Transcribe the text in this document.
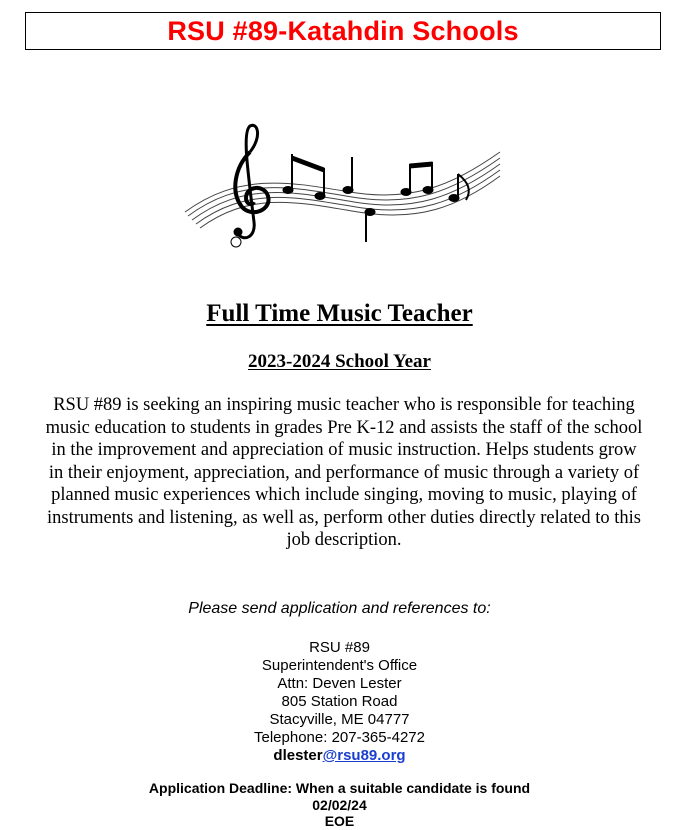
RSU #89-Katahdin Schools
Full Time Music Teacher
2023-2024 School Year
RSU #89 is seeking an inspiring music teacher who is responsible for teaching music education to students in grades Pre K-12 and assists the staff of the school in the improvement and appreciation of music instruction. Helps students grow in their enjoyment, appreciation, and performance of music through a variety of planned music experiences which include singing, moving to music, playing of instruments and listening, as well as, perform other duties directly related to this job description.
Please send application and references to:
RSU #89
Superintendent's Office
Attn: Deven Lester
805 Station Road
Stacyville, ME 04777
Telephone: 207-365-4272
dlester@rsu89.org
Application Deadline: When a suitable candidate is found
02/02/24
EOE
